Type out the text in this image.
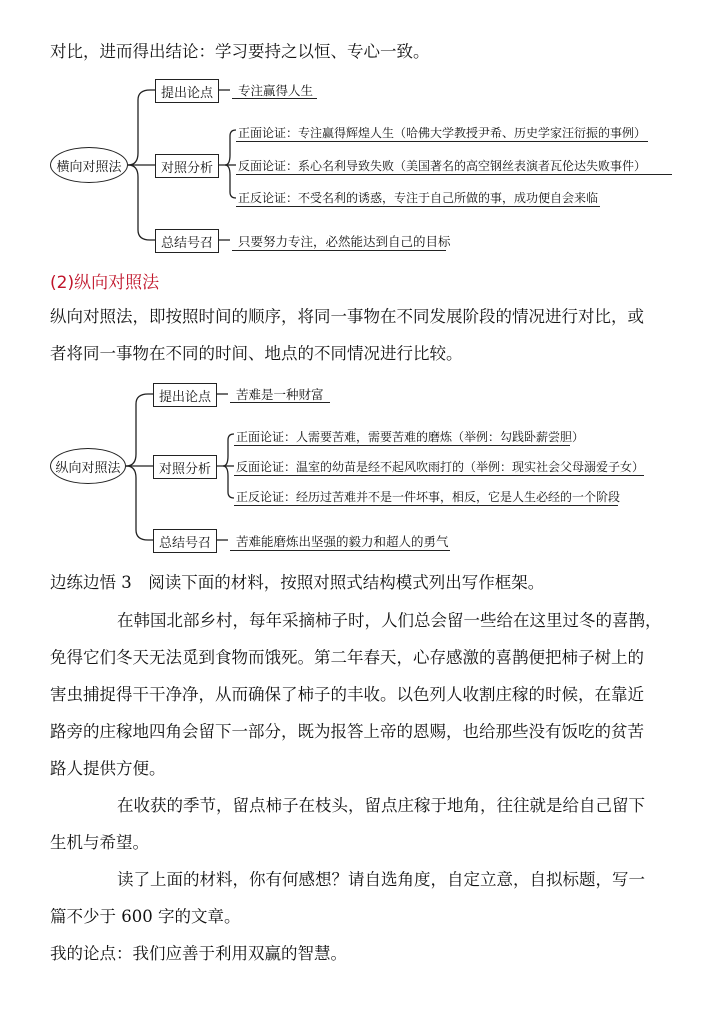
对比，进而得出结论：学习要持之以恒、专心一致。
横向对照法
提出论点
对照分析
总结号召
专注赢得人生
正面论证：专注赢得辉煌人生（哈佛大学教授尹希、历史学家汪衍振的事例）
反面论证：系心名利导致失败（美国著名的高空钢丝表演者瓦伦达失败事件）
正反论证：不受名利的诱惑，专注于自己所做的事，成功便自会来临
只要努力专注，必然能达到自己的目标
(2)纵向对照法
纵向对照法，即按照时间的顺序，将同一事物在不同发展阶段的情况进行对比，或
者将同一事物在不同的时间、地点的不同情况进行比较。
纵向对照法
提出论点
对照分析
总结号召
苦难是一种财富
正面论证：人需要苦难，需要苦难的磨炼（举例：勾践卧薪尝胆）
反面论证：温室的幼苗是经不起风吹雨打的（举例：现实社会父母溺爱子女）
正反论证：经历过苦难并不是一件坏事，相反，它是人生必经的一个阶段
苦难能磨炼出坚强的毅力和超人的勇气
边练边悟 3　阅读下面的材料，按照对照式结构模式列出写作框架。
在韩国北部乡村，每年采摘柿子时，人们总会留一些给在这里过冬的喜鹊，
免得它们冬天无法觅到食物而饿死。第二年春天，心存感激的喜鹊便把柿子树上的
害虫捕捉得干干净净，从而确保了柿子的丰收。以色列人收割庄稼的时候，在靠近
路旁的庄稼地四角会留下一部分，既为报答上帝的恩赐，也给那些没有饭吃的贫苦
路人提供方便。
在收获的季节，留点柿子在枝头，留点庄稼于地角，往往就是给自己留下
生机与希望。
读了上面的材料，你有何感想？请自选角度，自定立意，自拟标题，写一
篇不少于 600 字的文章。
我的论点：我们应善于利用双赢的智慧。
